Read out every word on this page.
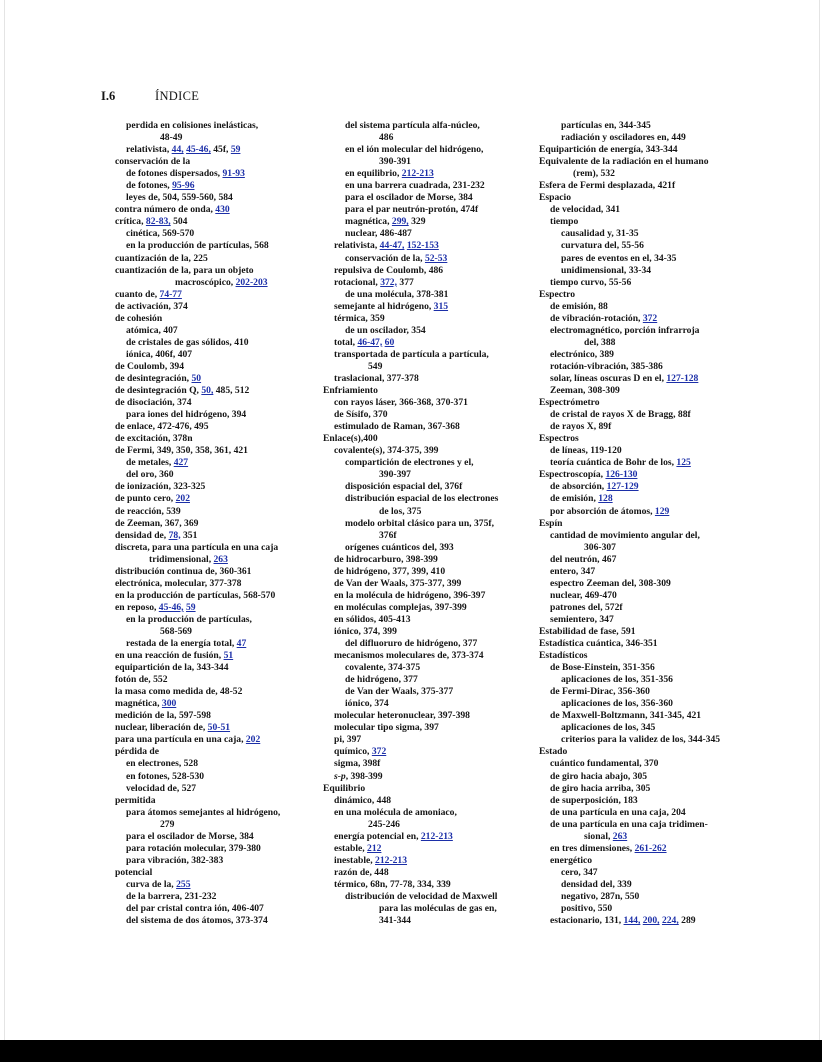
I.6	ÍNDICE
perdida en colisiones inelásticas,
48-49
relativista, 44, 45-46, 45f, 59
conservación de la
de fotones dispersados, 91-93
de fotones, 95-96
leyes de, 504, 559-560, 584
contra número de onda, 430
crítica, 82-83, 504
cinética, 569-570
en la producción de partículas, 568
cuantización de la, 225
cuantización de la, para un objeto
macroscópico, 202-203
cuanto de, 74-77
de activación, 374
de cohesión
atómica, 407
de cristales de gas sólidos, 410
iónica, 406f, 407
de Coulomb, 394
de desintegración, 50
de desintegración Q, 50, 485, 512
de disociación, 374
para iones del hidrógeno, 394
de enlace, 472-476, 495
de excitación, 378n
de Fermi, 349, 350, 358, 361, 421
de metales, 427
del oro, 360
de ionización, 323-325
de punto cero, 202
de reacción, 539
de Zeeman, 367, 369
densidad de, 78, 351
discreta, para una partícula en una caja
tridimensional, 263
distribución continua de, 360-361
electrónica, molecular, 377-378
en la producción de partículas, 568-570
en reposo, 45-46, 59
en la producción de partículas,
568-569
restada de la energía total, 47
en una reacción de fusión, 51
equipartición de la, 343-344
fotón de, 552
la masa como medida de, 48-52
magnética, 300
medición de la, 597-598
nuclear, liberación de, 50-51
para una partícula en una caja, 202
pérdida de
en electrones, 528
en fotones, 528-530
velocidad de, 527
permitida
para átomos semejantes al hidrógeno,
279
para el oscilador de Morse, 384
para rotación molecular, 379-380
para vibración, 382-383
potencial
curva de la, 255
de la barrera, 231-232
del par cristal contra ión, 406-407
del sistema de dos átomos, 373-374
del sistema partícula alfa-núcleo,
486
en el ión molecular del hidrógeno,
390-391
en equilibrio, 212-213
en una barrera cuadrada, 231-232
para el oscilador de Morse, 384
para el par neutrón-protón, 474f
magnética, 299, 329
nuclear, 486-487
relativista, 44-47, 152-153
conservación de la, 52-53
repulsiva de Coulomb, 486
rotacional, 372, 377
de una molécula, 378-381
semejante al hidrógeno, 315
térmica, 359
de un oscilador, 354
total, 46-47, 60
transportada de partícula a partícula,
549
traslacional, 377-378
Enfriamiento
con rayos láser, 366-368, 370-371
de Sísifo, 370
estimulado de Raman, 367-368
Enlace(s),400
covalente(s), 374-375, 399
compartición de electrones y el,
390-397
disposición espacial del, 376f
distribución espacial de los electrones
de los, 375
modelo orbital clásico para un, 375f,
376f
orígenes cuánticos del, 393
de hidrocarburo, 398-399
de hidrógeno, 377, 399, 410
de Van der Waals, 375-377, 399
en la molécula de hidrógeno, 396-397
en moléculas complejas, 397-399
en sólidos, 405-413
iónico, 374, 399
del difluoruro de hidrógeno, 377
mecanismos moleculares de, 373-374
covalente, 374-375
de hidrógeno, 377
de Van der Waals, 375-377
iónico, 374
molecular heteronuclear, 397-398
molecular tipo sigma, 397
pi, 397
químico, 372
sigma, 398f
s-p, 398-399
Equilibrio
dinámico, 448
en una molécula de amoniaco,
245-246
energía potencial en, 212-213
estable, 212
inestable, 212-213
razón de, 448
térmico, 68n, 77-78, 334, 339
distribución de velocidad de Maxwell
para las moléculas de gas en,
341-344
partículas en, 344-345
radiación y osciladores en, 449
Equipartición de energía, 343-344
Equivalente de la radiación en el humano
(rem), 532
Esfera de Fermi desplazada, 421f
Espacio
de velocidad, 341
tiempo
causalidad y, 31-35
curvatura del, 55-56
pares de eventos en el, 34-35
unidimensional, 33-34
tiempo curvo, 55-56
Espectro
de emisión, 88
de vibración-rotación, 372
electromagnético, porción infrarroja
del, 388
electrónico, 389
rotación-vibración, 385-386
solar, líneas oscuras D en el, 127-128
Zeeman, 308-309
Espectrómetro
de cristal de rayos X de Bragg, 88f
de rayos X, 89f
Espectros
de líneas, 119-120
teoría cuántica de Bohr de los, 125
Espectroscopía, 126-130
de absorción, 127-129
de emisión, 128
por absorción de átomos, 129
Espín
cantidad de movimiento angular del,
306-307
del neutrón, 467
entero, 347
espectro Zeeman del, 308-309
nuclear, 469-470
patrones del, 572f
semientero, 347
Estabilidad de fase, 591
Estadística cuántica, 346-351
Estadísticos
de Bose-Einstein, 351-356
aplicaciones de los, 351-356
de Fermi-Dirac, 356-360
aplicaciones de los, 356-360
de Maxwell-Boltzmann, 341-345, 421
aplicaciones de los, 345
criterios para la validez de los, 344-345
Estado
cuántico fundamental, 370
de giro hacia abajo, 305
de giro hacia arriba, 305
de superposición, 183
de una partícula en una caja, 204
de una partícula en una caja tridimen-
sional, 263
en tres dimensiones, 261-262
energético
cero, 347
densidad del, 339
negativo, 287n, 550
positivo, 550
estacionario, 131, 144, 200, 224, 289
